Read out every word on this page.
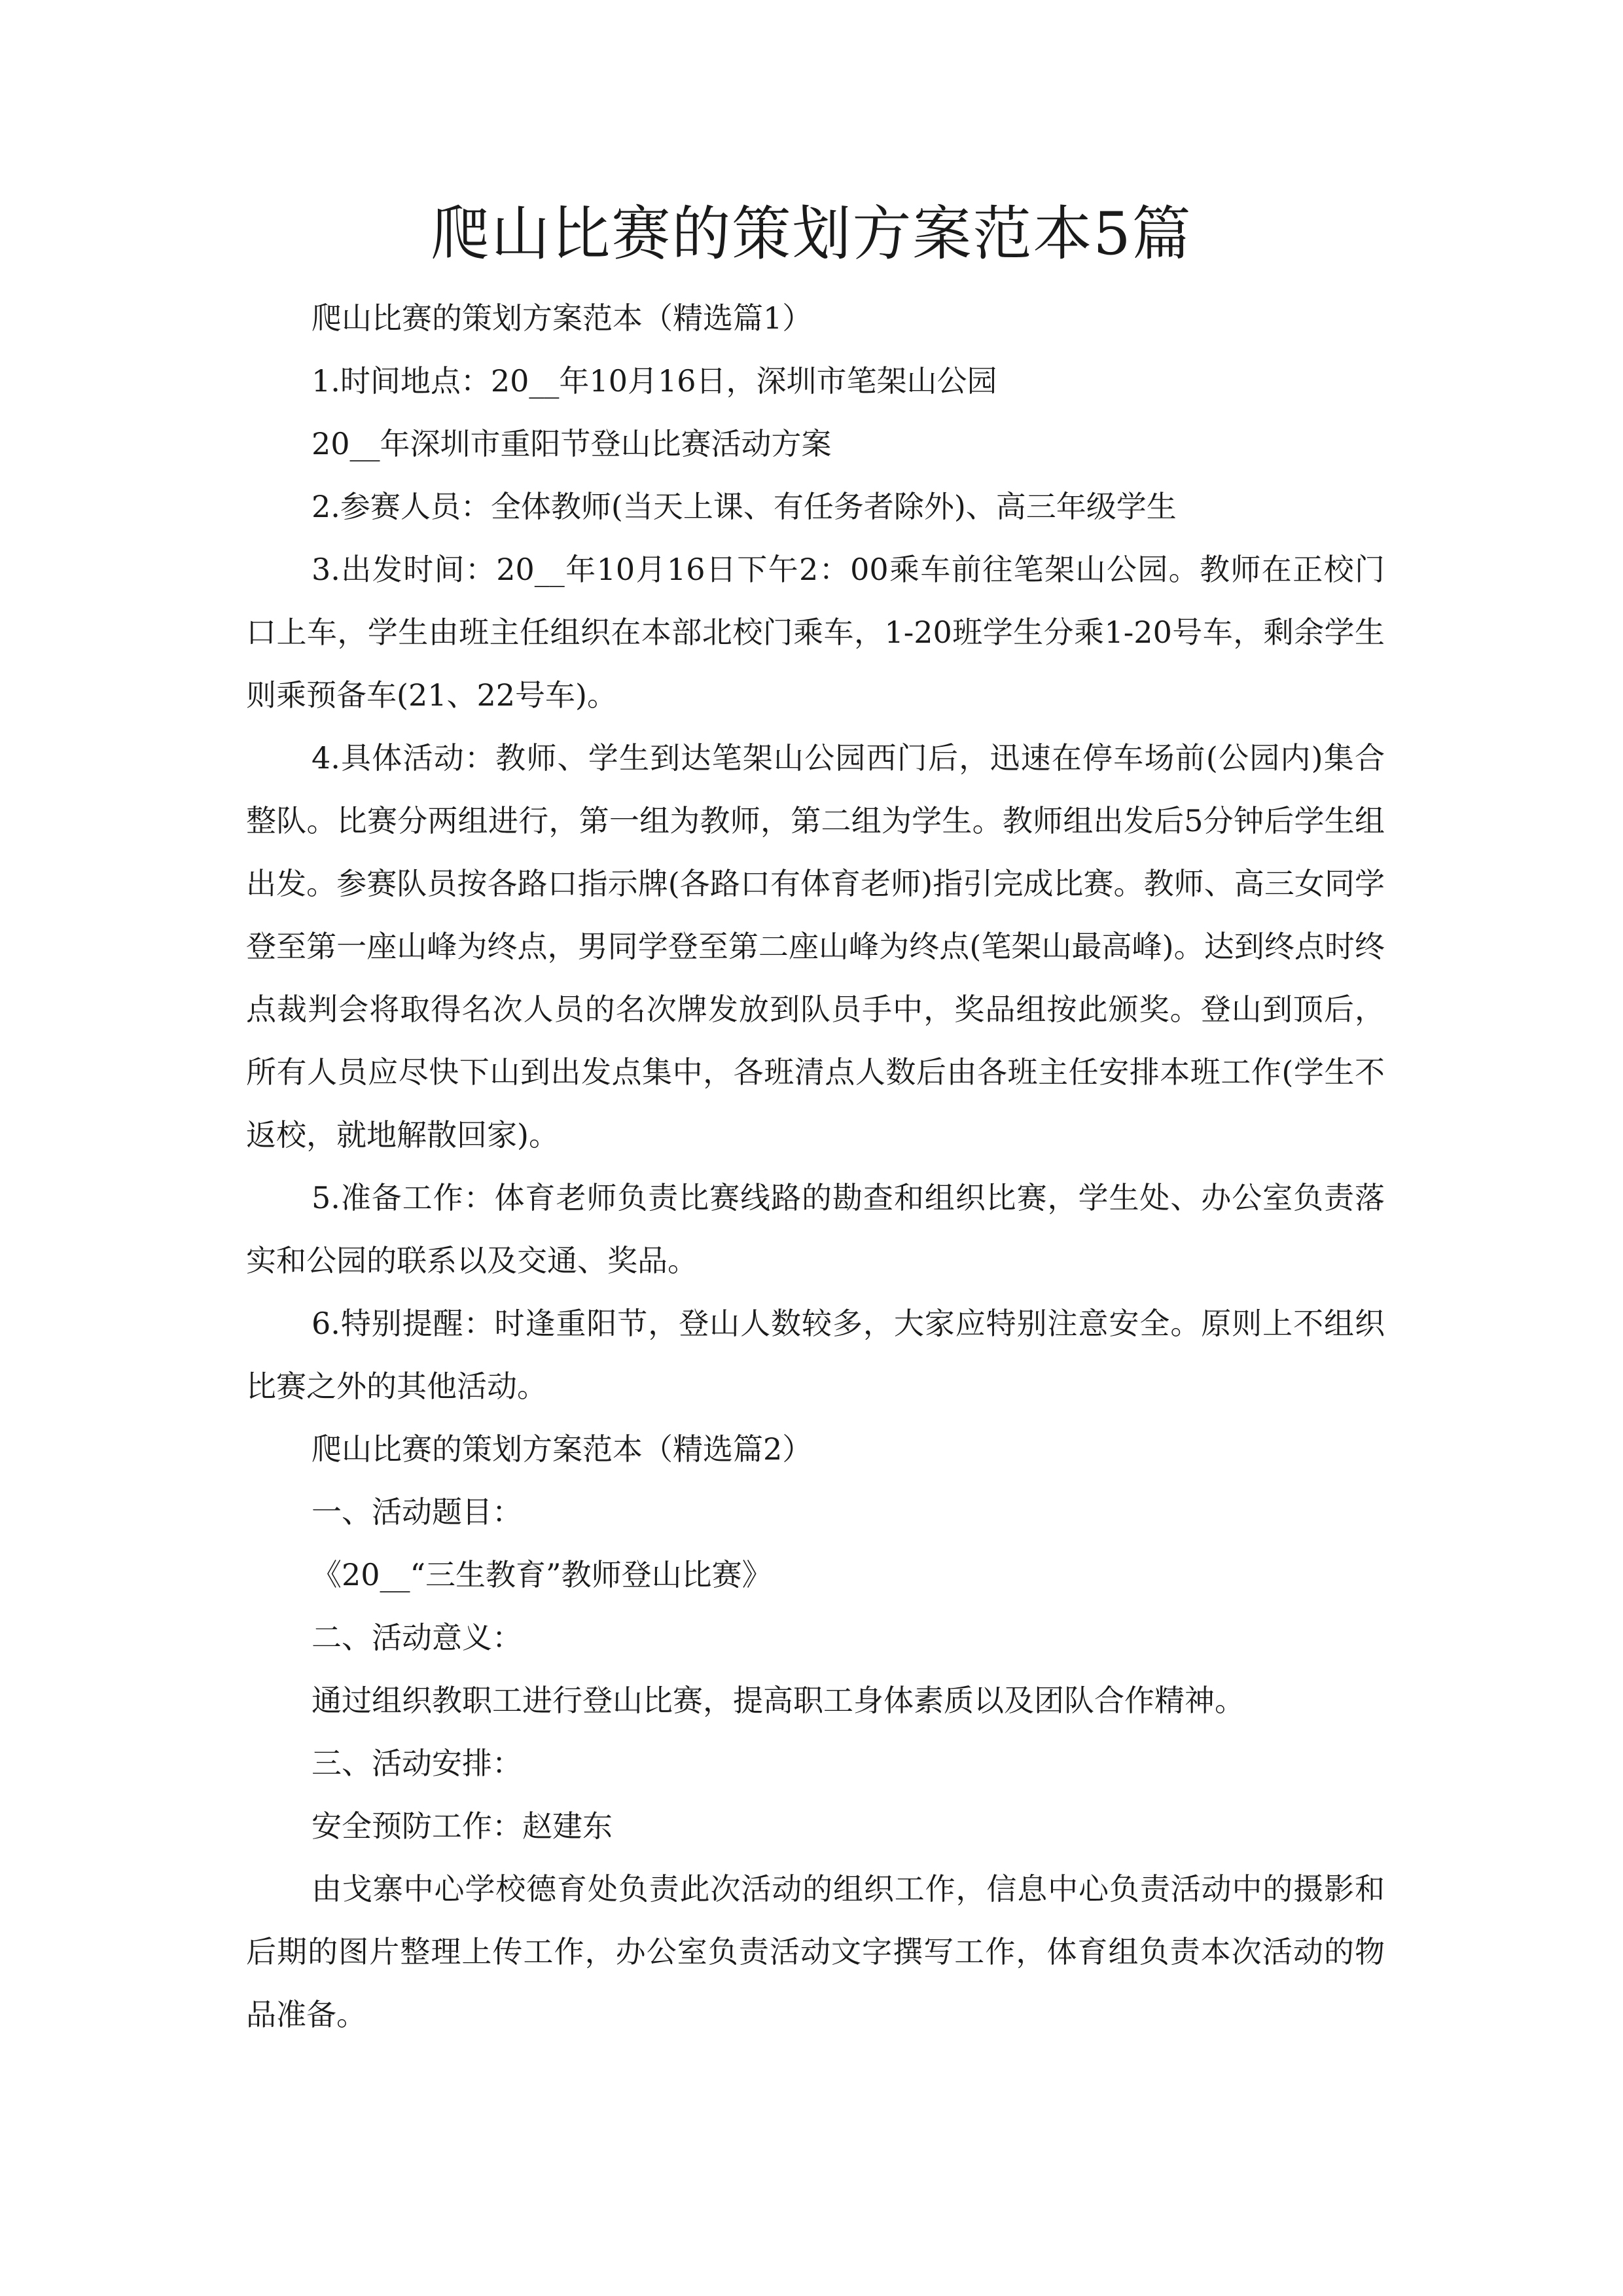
爬山比赛的策划方案范本5篇

爬山比赛的策划方案范本（精选篇1）

1.时间地点：20__年10月16日，深圳市笔架山公园

20__年深圳市重阳节登山比赛活动方案

2.参赛人员：全体教师(当天上课、有任务者除外)、高三年级学生

3.出发时间：20__年10月16日下午2：00乘车前往笔架山公园。教师在正校门口上车，学生由班主任组织在本部北校门乘车，1-20班学生分乘1-20号车，剩余学生则乘预备车(21、22号车)。

4.具体活动：教师、学生到达笔架山公园西门后，迅速在停车场前(公园内)集合整队。比赛分两组进行，第一组为教师，第二组为学生。教师组出发后5分钟后学生组出发。参赛队员按各路口指示牌(各路口有体育老师)指引完成比赛。教师、高三女同学登至第一座山峰为终点，男同学登至第二座山峰为终点(笔架山最高峰)。达到终点时终点裁判会将取得名次人员的名次牌发放到队员手中，奖品组按此颁奖。登山到顶后，所有人员应尽快下山到出发点集中，各班清点人数后由各班主任安排本班工作(学生不返校，就地解散回家)。

5.准备工作：体育老师负责比赛线路的勘查和组织比赛，学生处、办公室负责落实和公园的联系以及交通、奖品。

6.特别提醒：时逢重阳节，登山人数较多，大家应特别注意安全。原则上不组织比赛之外的其他活动。

爬山比赛的策划方案范本（精选篇2）

一、活动题目：

《20__“三生教育”教师登山比赛》

二、活动意义：

通过组织教职工进行登山比赛，提高职工身体素质以及团队合作精神。

三、活动安排：

安全预防工作：赵建东

由戈寨中心学校德育处负责此次活动的组织工作，信息中心负责活动中的摄影和后期的图片整理上传工作，办公室负责活动文字撰写工作，体育组负责本次活动的物品准备。
